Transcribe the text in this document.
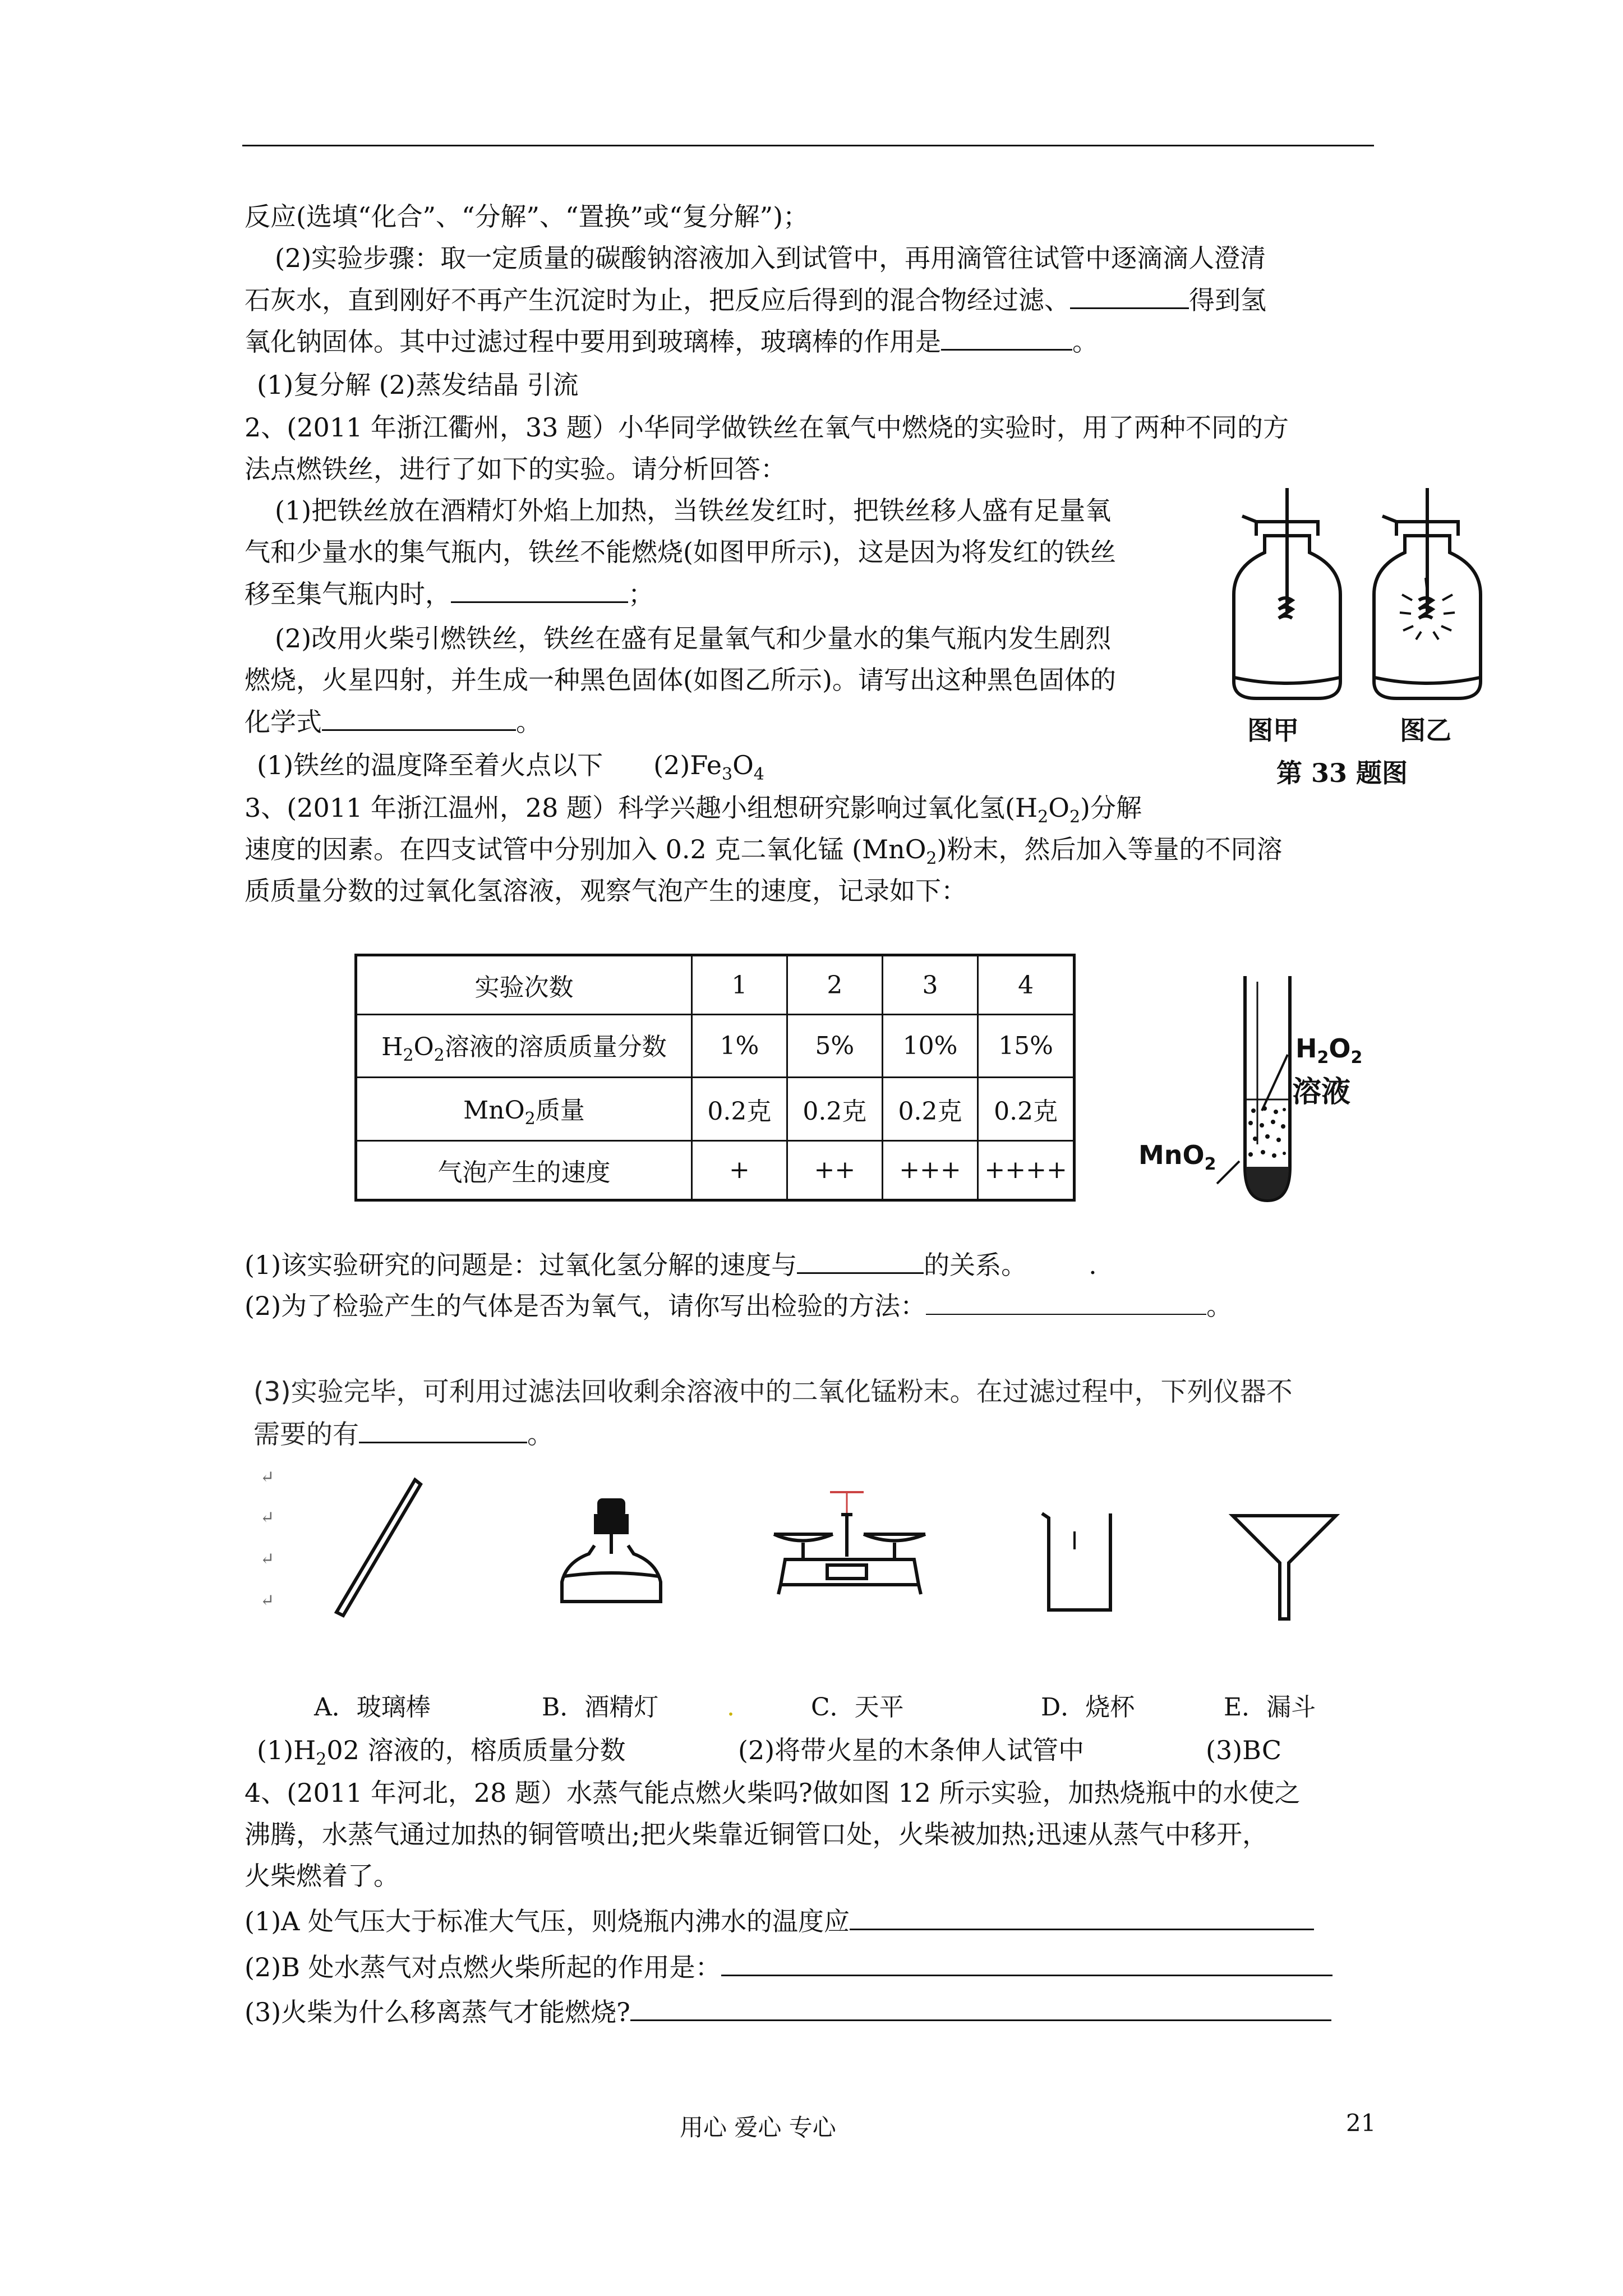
反应(选填“化合”、“分解”、“置换”或“复分解”)；
(2)实验步骤：取一定质量的碳酸钠溶液加入到试管中，再用滴管往试管中逐滴滴人澄清
石灰水，直到刚好不再产生沉淀时为止，把反应后得到的混合物经过滤、	得到氢
氧化钠固体。其中过滤过程中要用到玻璃棒，玻璃棒的作用是	。
(1)复分解 (2)蒸发结晶 引流
2、(2011 年浙江衢州，33 题）小华同学做铁丝在氧气中燃烧的实验时，用了两种不同的方
法点燃铁丝，进行了如下的实验。请分析回答：
(1)把铁丝放在酒精灯外焰上加热，当铁丝发红时，把铁丝移人盛有足量氧
气和少量水的集气瓶内，铁丝不能燃烧(如图甲所示)，这是因为将发红的铁丝
移至集气瓶内时，	；
(2)改用火柴引燃铁丝，铁丝在盛有足量氧气和少量水的集气瓶内发生剧烈
燃烧，火星四射，并生成一种黑色固体(如图乙所示)。请写出这种黑色固体的
化学式	。
(1)铁丝的温度降至着火点以下 $(2)Fe_3O_4$
图甲	图乙
第 33 题图
3、(2011 年浙江温州，28 题）科学兴趣小组想研究影响过氧化氢$(H_2O_2)$分解
速度的因素。在四支试管中分别加入 0.2 克二氧化锰 (MnO$_2$)粉末，然后加入等量的不同溶
质质量分数的过氧化氢溶液，观察气泡产生的速度，记录如下：
实验次数	1	2	3	4
$H_2O_2$溶液的溶质质量分数	1%	5%	10%	15%
MnO$_2$质量	0.2克	0.2克	0.2克	0.2克
气泡产生的速度	+	++	+++	++++
$H_2O_2$
溶液
MnO$_2$
(1)该实验研究的问题是：过氧化氢分解的速度与	的关系。 .
(2)为了检验产生的气体是否为氧气，请你写出检验的方法：	。
(3)实验完毕，可利用过滤法回收剩余溶液中的二氧化锰粉末。在过滤过程中，下列仪器不
需要的有	。
↵
↵
↵
↵
A．玻璃棒	B．酒精灯	.	C．天平	D．烧杯	E．漏斗
$(1)H_202$ 溶液的，榕质质量分数	(2)将带火星的木条伸人试管中	(3)BC
4、(2011 年河北，28 题）水蒸气能点燃火柴吗?做如图 12 所示实验，加热烧瓶中的水使之
沸腾，水蒸气通过加热的铜管喷出;把火柴靠近铜管口处，火柴被加热;迅速从蒸气中移开，
火柴燃着了。
(1)A 处气压大于标准大气压，则烧瓶内沸水的温度应
(2)B 处水蒸气对点燃火柴所起的作用是：
(3)火柴为什么移离蒸气才能燃烧?
用心 爱心 专心	21
